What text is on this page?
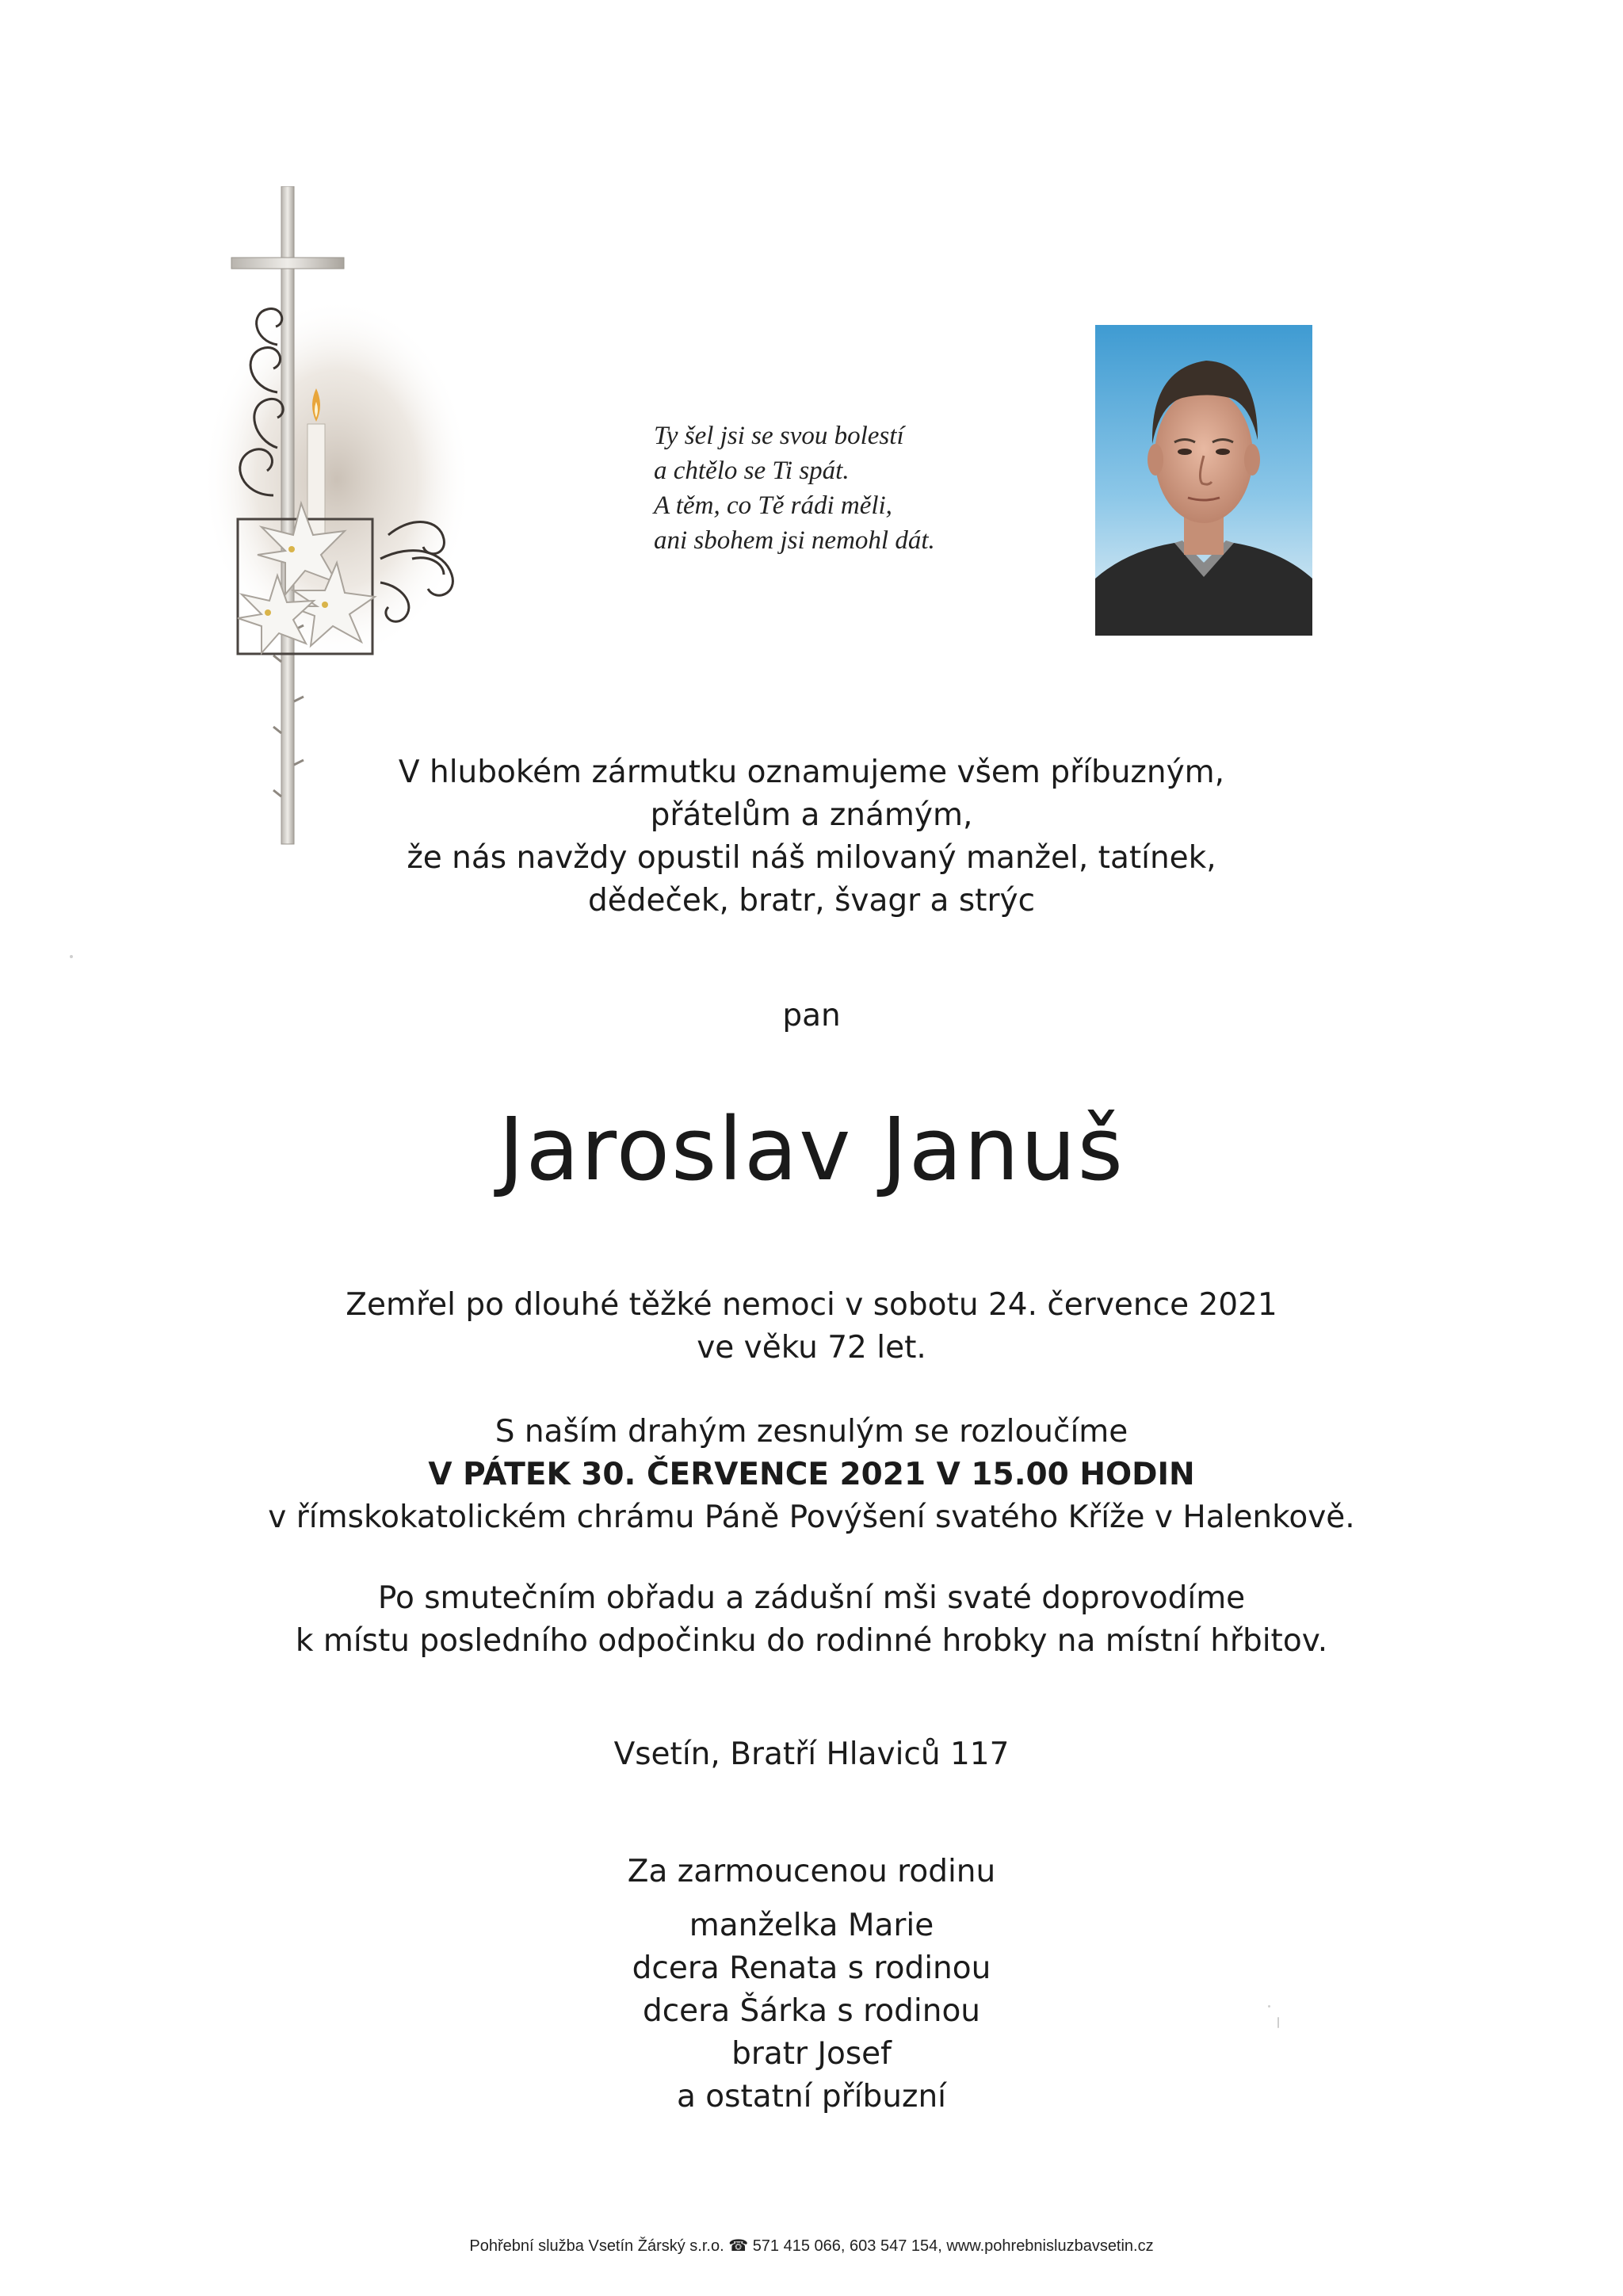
Ty šel jsi se svou bolestí
a chtělo se Ti spát.
A těm, co Tě rádi měli,
ani sbohem jsi nemohl dát.
V hlubokém zármutku oznamujeme všem příbuzným,
přátelům a známým,
že nás navždy opustil náš milovaný manžel, tatínek,
dědeček, bratr, švagr a strýc
pan
Jaroslav Januš
Zemřel po dlouhé těžké nemoci v sobotu 24. července 2021
ve věku 72 let.
S naším drahým zesnulým se rozloučíme
V PÁTEK 30. ČERVENCE 2021 V 15.00 HODIN
v římskokatolickém chrámu Páně Povýšení svatého Kříže v Halenkově.
Po smutečním obřadu a zádušní mši svaté doprovodíme
k místu posledního odpočinku do rodinné hrobky na místní hřbitov.
Vsetín, Bratří Hlaviců 117
Za zarmoucenou rodinu
manželka Marie
dcera Renata s rodinou
dcera Šárka s rodinou
bratr Josef
a ostatní příbuzní
Pohřební služba Vsetín Žárský s.r.o. ☎ 571 415 066, 603 547 154, www.pohrebnisluzbavsetin.cz
